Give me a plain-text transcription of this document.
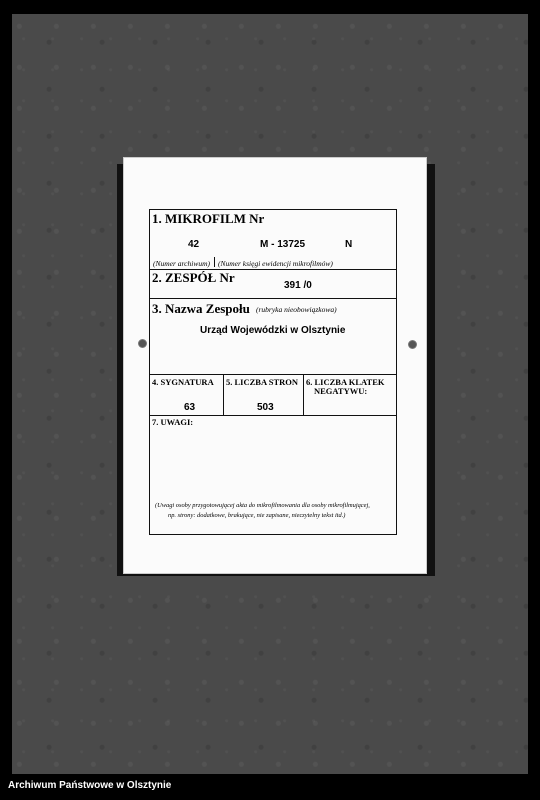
1. MIKROFILM Nr
42	M - 13725	N
(Numer archiwum) (Numer księgi ewidencji mikrofilmów)
2. ZESPÓŁ Nr
391 /0
3. Nazwa Zespołu (rubryka nieobowiązkowa)
Urząd Wojewódzki w Olsztynie
4. SYGNATURA 5. LICZBA STRON 6. LICZBA KLATEK
NEGATYWU:
63	503
7. UWAGI:
(Uwagi osoby przygotowującej akta do mikrofilmowania dla osoby mikrofilmującej,
np. strony: dodatkowe, brakujące, nie zapisane, nieczytelny tekst itd.)
Archiwum Państwowe w Olsztynie
